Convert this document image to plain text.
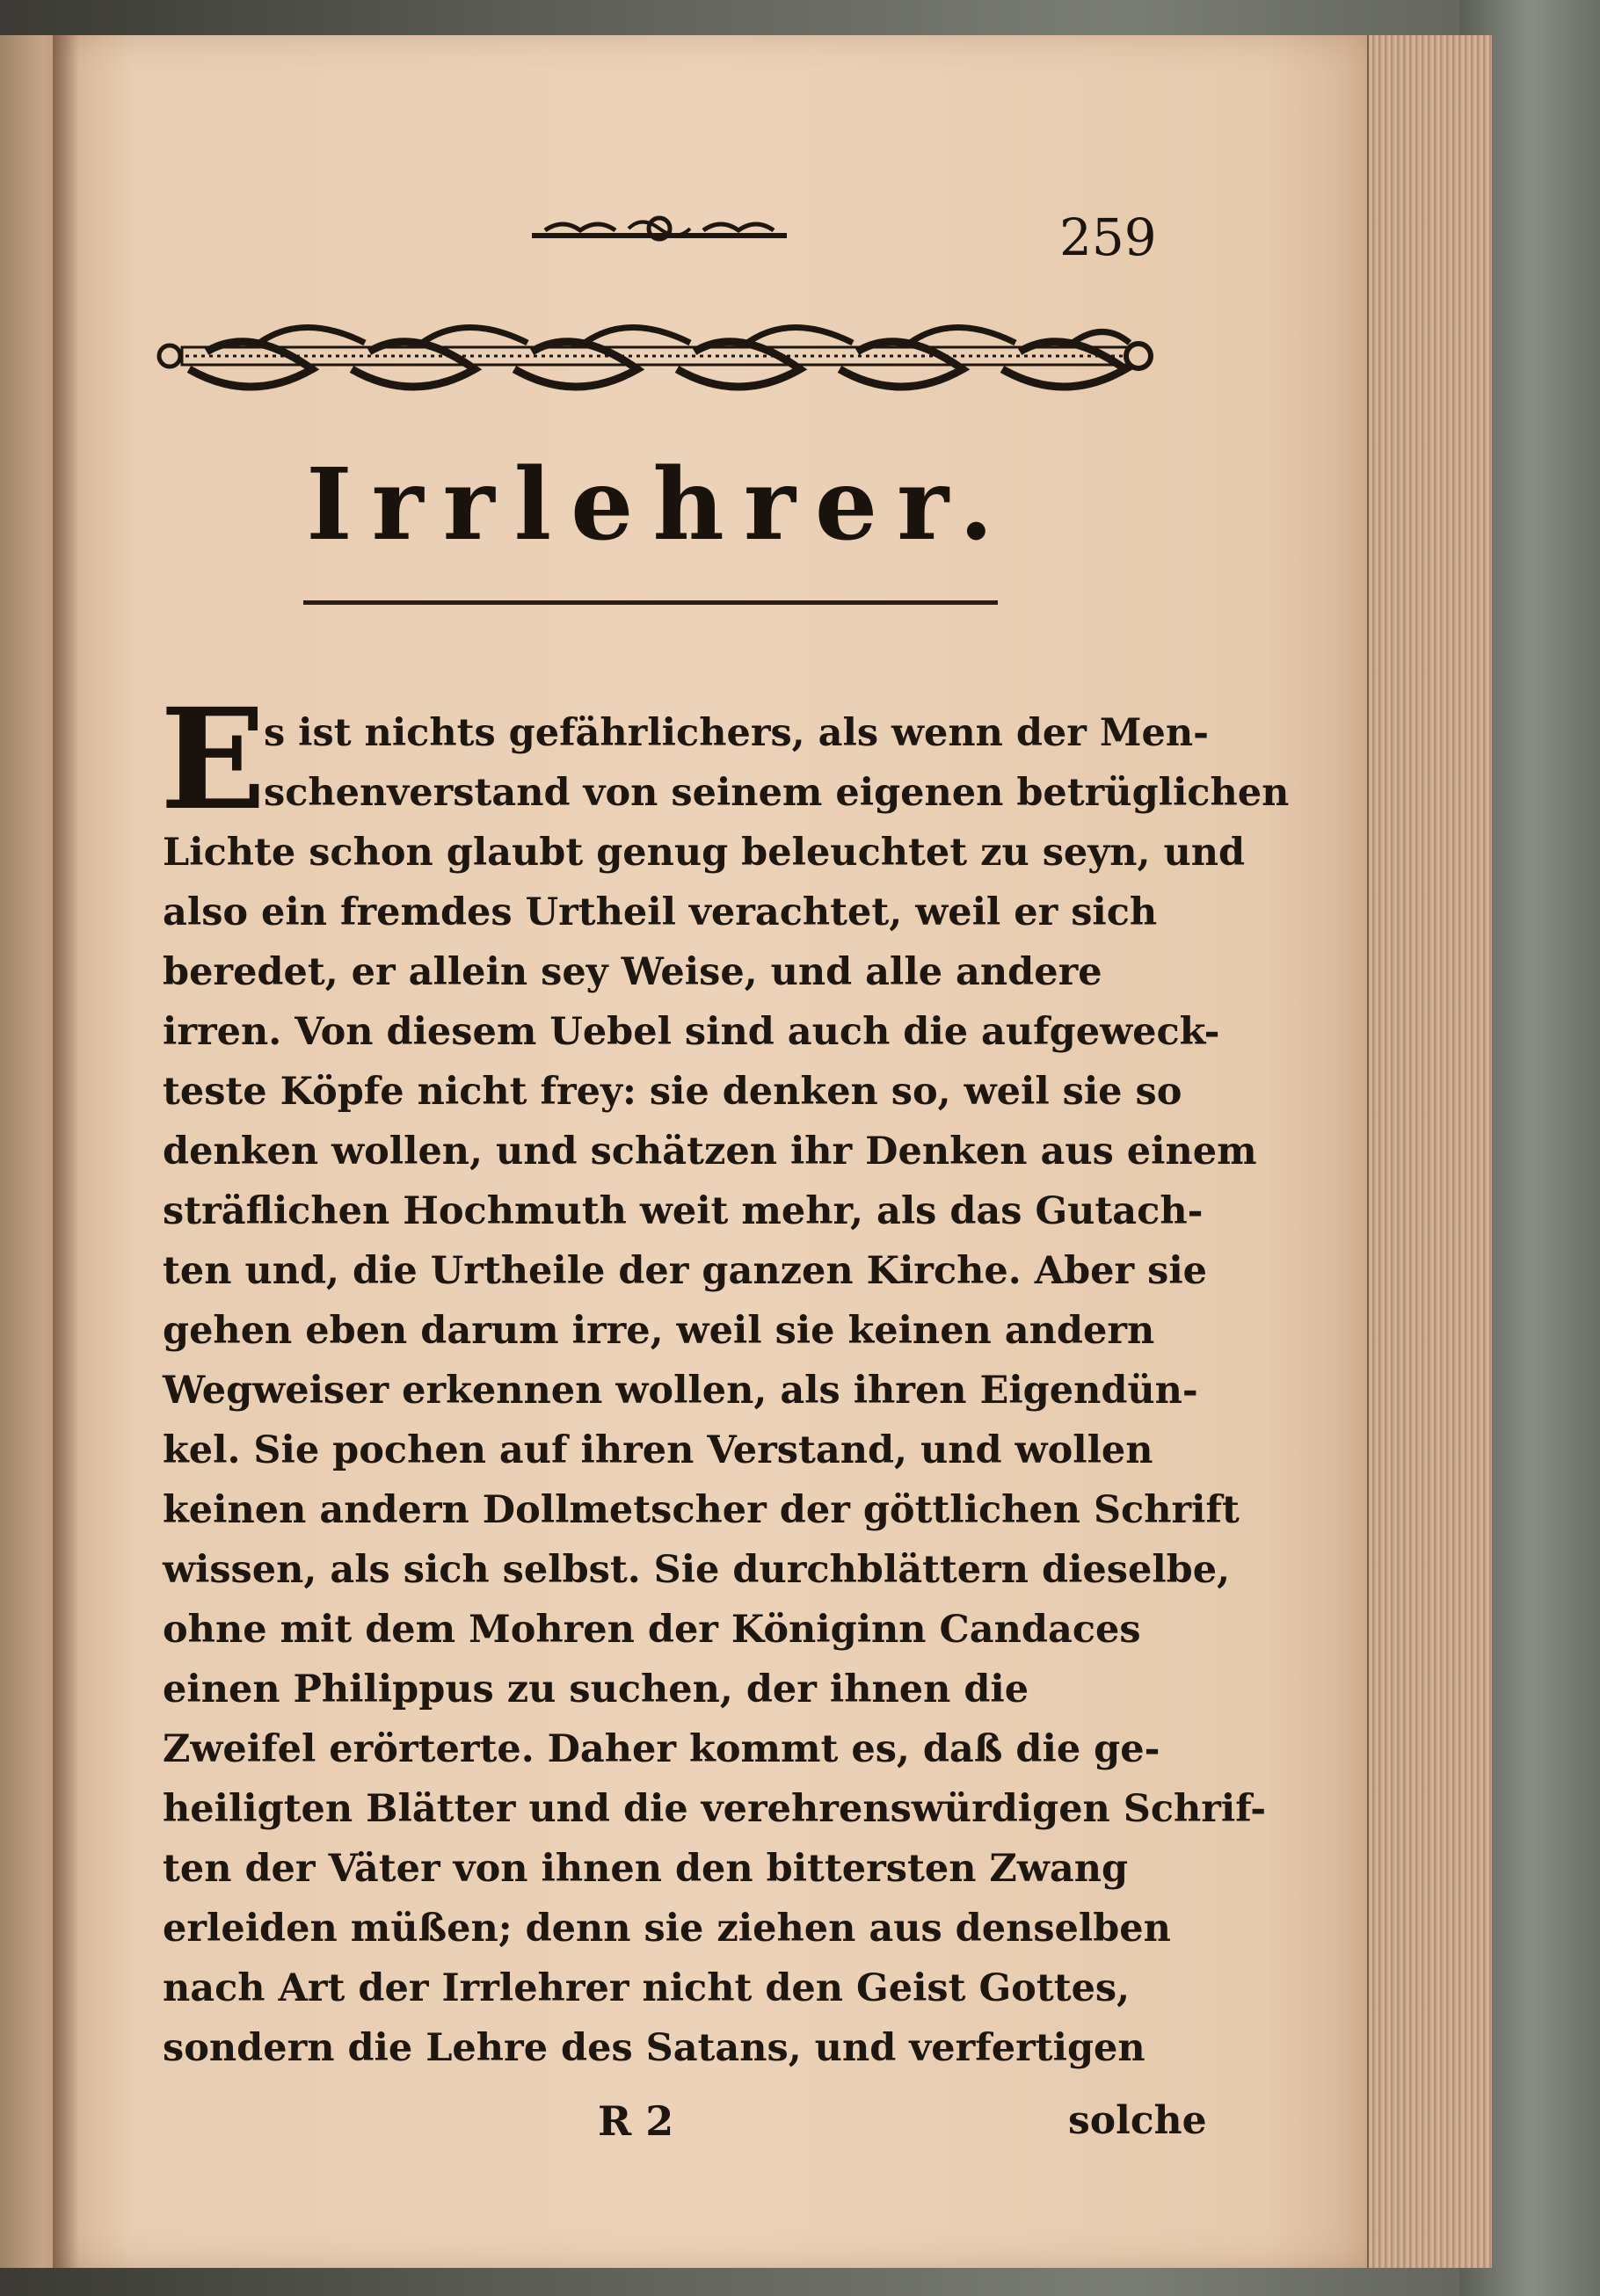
259
Irrlehrer.
E
s ist nichts gefährlichers, als wenn der Men-
schenverstand von seinem eigenen betrüglichen
Lichte schon glaubt genug beleuchtet zu seyn, und
also ein fremdes Urtheil verachtet, weil er sich
beredet, er allein sey Weise, und alle andere
irren. Von diesem Uebel sind auch die aufgeweck-
teste Köpfe nicht frey: sie denken so, weil sie so
denken wollen, und schätzen ihr Denken aus einem
sträflichen Hochmuth weit mehr, als das Gutach-
ten und, die Urtheile der ganzen Kirche. Aber sie
gehen eben darum irre, weil sie keinen andern
Wegweiser erkennen wollen, als ihren Eigendün-
kel. Sie pochen auf ihren Verstand, und wollen
keinen andern Dollmetscher der göttlichen Schrift
wissen, als sich selbst. Sie durchblättern dieselbe,
ohne mit dem Mohren der Königinn Candaces
einen Philippus zu suchen, der ihnen die
Zweifel erörterte. Daher kommt es, daß die ge-
heiligten Blätter und die verehrenswürdigen Schrif-
ten der Väter von ihnen den bittersten Zwang
erleiden müßen; denn sie ziehen aus denselben
nach Art der Irrlehrer nicht den Geist Gottes,
sondern die Lehre des Satans, und verfertigen
R 2	solche
